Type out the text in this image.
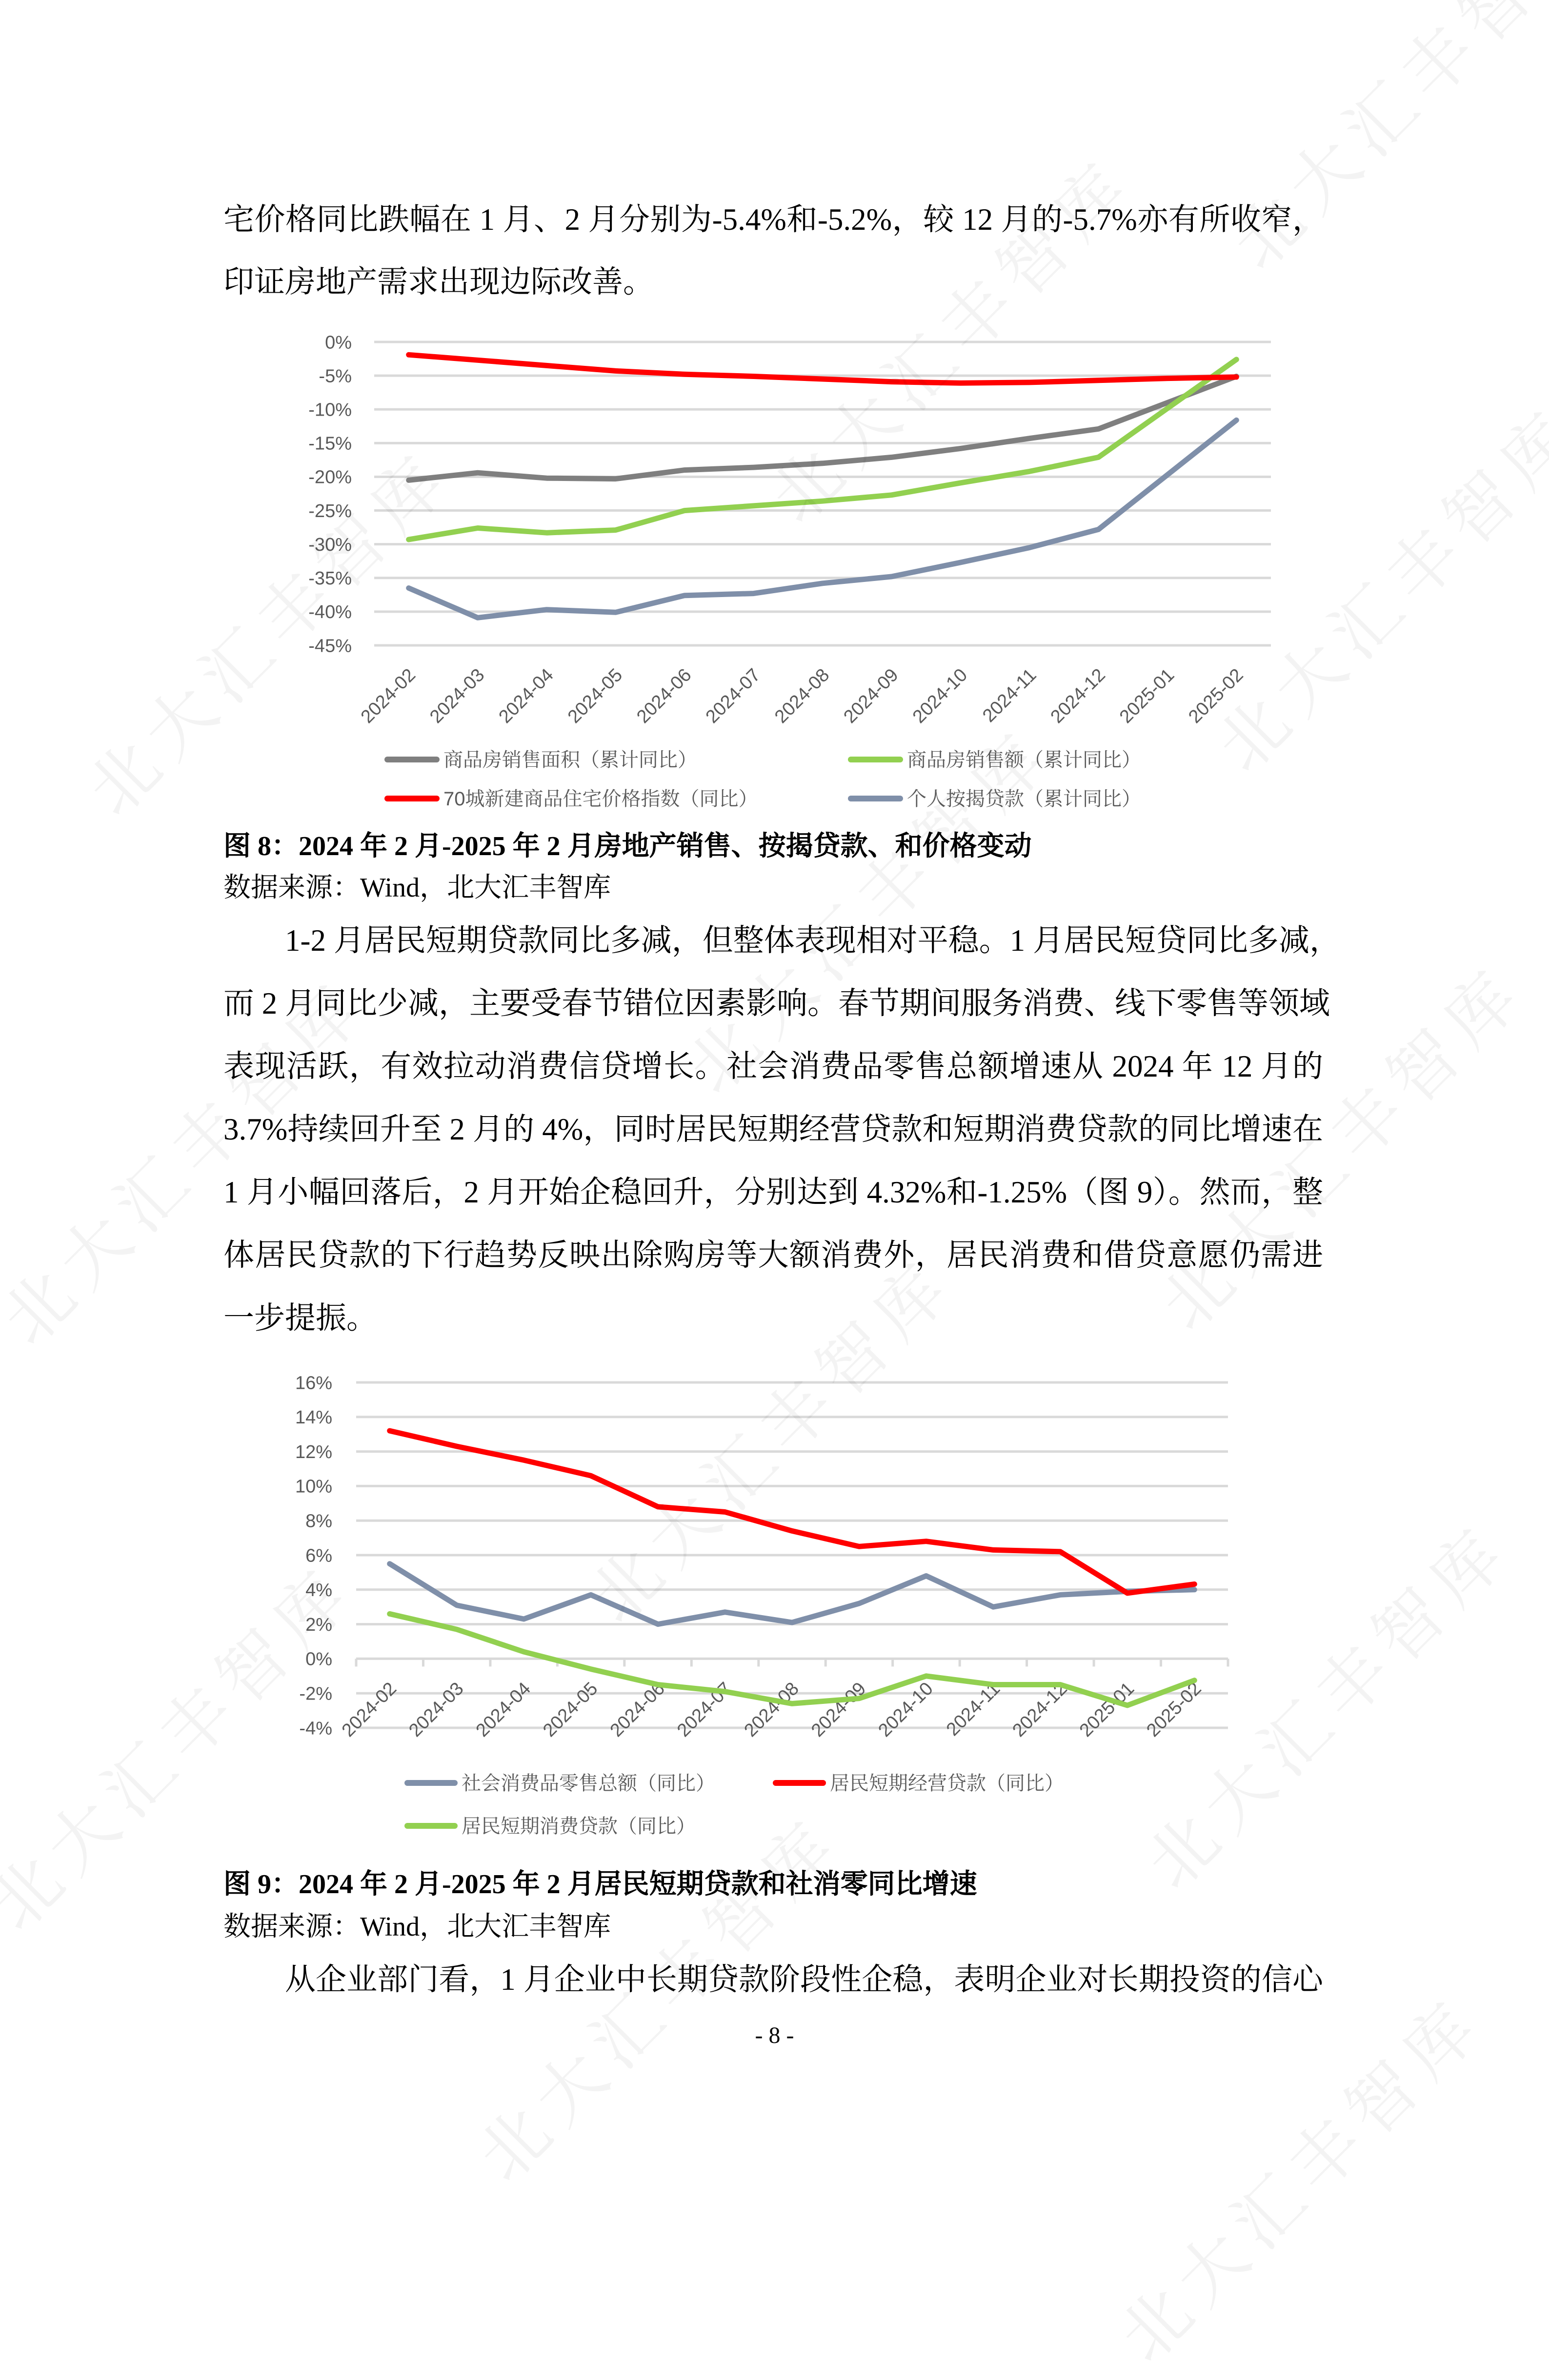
宅价格同比跌幅在 1 月、2 月分别为-5.4%和-5.2%，较 12 月的-5.7%亦有所收窄，
印证房地产需求出现边际改善。
0%
-5%
-10%
-15%
-20%
-25%
-30%
-35%
-40%
-45%
2024-02 2024-03 2024-04 2024-05 2024-06 2024-07 2024-08 2024-09 2024-10 2024-11 2024-12 2025-01 2025-02
商品房销售面积（累计同比）	商品房销售额（累计同比）
70城新建商品住宅价格指数（同比）	个人按揭贷款（累计同比）
图 8：2024 年 2 月-2025 年 2 月房地产销售、按揭贷款、和价格变动
数据来源：Wind，北大汇丰智库
1-2 月居民短期贷款同比多减，但整体表现相对平稳。1 月居民短贷同比多减，
而 2 月同比少减，主要受春节错位因素影响。春节期间服务消费、线下零售等领域
表现活跃，有效拉动消费信贷增长。社会消费品零售总额增速从 2024 年 12 月的
3.7%持续回升至 2 月的 4%，同时居民短期经营贷款和短期消费贷款的同比增速在
1 月小幅回落后，2 月开始企稳回升，分别达到 4.32%和-1.25%（图 9）。然而，整
体居民贷款的下行趋势反映出除购房等大额消费外，居民消费和借贷意愿仍需进
一步提振。
16%
14%
12%
10%
8%
6%
4%
2%
0%
-2%
-4% 2024-02 2024-03 2024-04 2024-05 2024-06 2024-07 2024-08 2024-09 2024-10 2024-11 2024-12 2025-01 2025-02
社会消费品零售总额（同比）	居民短期经营贷款（同比）
居民短期消费贷款（同比）
图 9：2024 年 2 月-2025 年 2 月居民短期贷款和社消零同比增速
数据来源：Wind，北大汇丰智库
从企业部门看，1 月企业中长期贷款阶段性企稳，表明企业对长期投资的信心
- 8 -
